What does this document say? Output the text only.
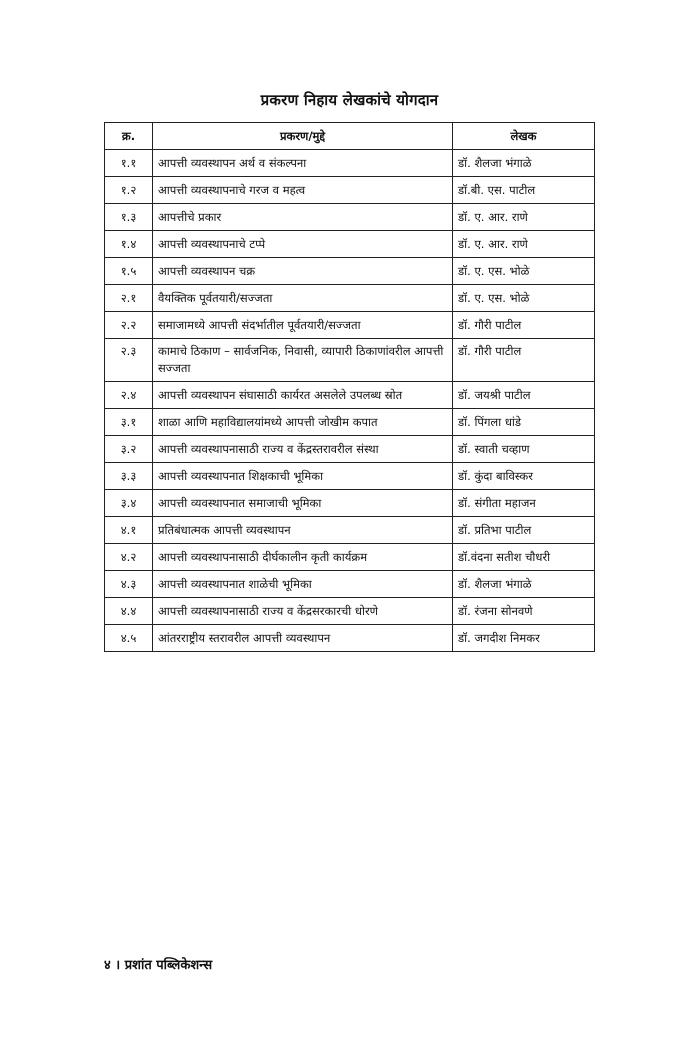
प्रकरण निहाय लेखकांचे योगदान
क्र.	प्रकरण/मुद्दे	लेखक
१.१	आपत्ती व्यवस्थापन अर्थ व संकल्पना	डॉ. शैलजा भंगाळे
१.२	आपत्ती व्यवस्थापनाचे गरज व महत्व	डॉ.बी. एस. पाटील
१.३	आपत्तीचे प्रकार	डॉ. ए. आर. राणे
१.४	आपत्ती व्यवस्थापनाचे टप्पे	डॉ. ए. आर. राणे
१.५	आपत्ती व्यवस्थापन चक्र	डॉ. ए. एस. भोळे
२.१	वैयक्तिक पूर्वतयारी/सज्जता	डॉ. ए. एस. भोळे
२.२	समाजामध्ये आपत्ती संदर्भातील पूर्वतयारी/सज्जता	डॉ. गौरी पाटील
२.३	कामाचे ठिकाण – सार्वजनिक, निवासी, व्यापारी ठिकाणांवरील आपत्ती सज्जता	डॉ. गौरी पाटील
२.४	आपत्ती व्यवस्थापन संघासाठी कार्यरत असलेले उपलब्ध स्रोत	डॉ. जयश्री पाटील
३.१	शाळा आणि महाविद्यालयांमध्ये आपत्ती जोखीम कपात	डॉ. पिंगला धांडे
३.२	आपत्ती व्यवस्थापनासाठी राज्य व केंद्रस्तरावरील संस्था	डॉ. स्वाती चव्हाण
३.३	आपत्ती व्यवस्थापनात शिक्षकाची भूमिका	डॉ. कुंदा बाविस्कर
३.४	आपत्ती व्यवस्थापनात समाजाची भूमिका	डॉ. संगीता महाजन
४.१	प्रतिबंधात्मक आपत्ती व्यवस्थापन	डॉ. प्रतिभा पाटील
४.२	आपत्ती व्यवस्थापनासाठी दीर्घकालीन कृती कार्यक्रम	डॉ.वंदना सतीश चौधरी
४.३	आपत्ती व्यवस्थापनात शाळेची भूमिका	डॉ. शैलजा भंगाळे
४.४	आपत्ती व्यवस्थापनासाठी राज्य व केंद्रसरकारची धोरणे	डॉ. रंजना सोनवणे
४.५	आंतरराष्ट्रीय स्तरावरील आपत्ती व्यवस्थापन	डॉ. जगदीश निमकर
४ । प्रशांत पब्लिकेशन्स
